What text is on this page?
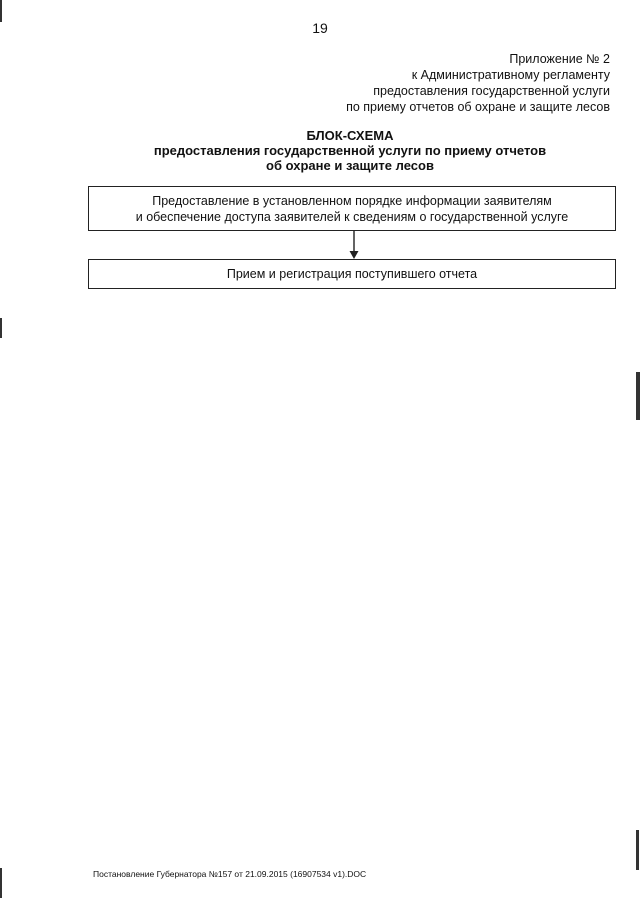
19
Приложение № 2
к Административному регламенту
предоставления государственной услуги
по приему отчетов об охране и защите лесов
БЛОК-СХЕМА
предоставления государственной услуги по приему отчетов
об охране и защите лесов
Предоставление в установленном порядке информации заявителям
и обеспечение доступа заявителей к сведениям о государственной услуге
Прием и регистрация поступившего отчета
Постановление Губернатора №157 от 21.09.2015 (16907534 v1).DOC
